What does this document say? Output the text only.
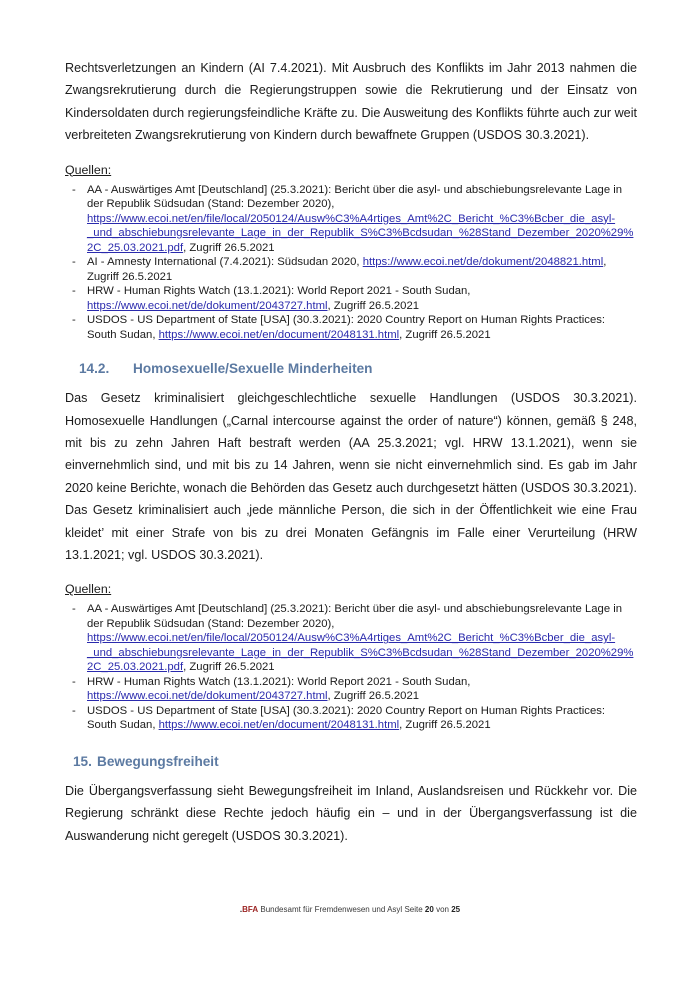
Rechtsverletzungen an Kindern (AI 7.4.2021). Mit Ausbruch des Konflikts im Jahr 2013 nahmen die Zwangsrekrutierung durch die Regierungstruppen sowie die Rekrutierung und der Einsatz von Kindersoldaten durch regierungsfeindliche Kräfte zu. Die Ausweitung des Konflikts führte auch zur weit verbreiteten Zwangsrekrutierung von Kindern durch bewaffnete Gruppen (USDOS 30.3.2021).

Quellen:
- AA - Auswärtiges Amt [Deutschland] (25.3.2021): Bericht über die asyl- und abschiebungsrelevante Lage in der Republik Südsudan (Stand: Dezember 2020), https://www.ecoi.net/en/file/local/2050124/Ausw%C3%A4rtiges_Amt%2C_Bericht_%C3%Bcber_die_asyl-_und_abschiebungsrelevante_Lage_in_der_Republik_S%C3%Bcdsudan_%28Stand_Dezember_2020%29%2C_25.03.2021.pdf, Zugriff 26.5.2021
- AI - Amnesty International (7.4.2021): Südsudan 2020, https://www.ecoi.net/de/dokument/2048821.html, Zugriff 26.5.2021
- HRW - Human Rights Watch (13.1.2021): World Report 2021 - South Sudan, https://www.ecoi.net/de/dokument/2043727.html, Zugriff 26.5.2021
- USDOS - US Department of State [USA] (30.3.2021): 2020 Country Report on Human Rights Practices: South Sudan, https://www.ecoi.net/en/document/2048131.html, Zugriff 26.5.2021
14.2.	Homosexuelle/Sexuelle Minderheiten

Das Gesetz kriminalisiert gleichgeschlechtliche sexuelle Handlungen (USDOS 30.3.2021). Homosexuelle Handlungen („Carnal intercourse against the order of nature“) können, gemäß § 248, mit bis zu zehn Jahren Haft bestraft werden (AA 25.3.2021; vgl. HRW 13.1.2021), wenn sie einvernehmlich sind, und mit bis zu 14 Jahren, wenn sie nicht einvernehmlich sind. Es gab im Jahr 2020 keine Berichte, wonach die Behörden das Gesetz auch durchgesetzt hätten (USDOS 30.3.2021). Das Gesetz kriminalisiert auch ‚jede männliche Person, die sich in der Öffentlichkeit wie eine Frau kleidet’ mit einer Strafe von bis zu drei Monaten Gefängnis im Falle einer Verurteilung (HRW 13.1.2021; vgl. USDOS 30.3.2021).

Quellen:
- AA - Auswärtiges Amt [Deutschland] (25.3.2021): Bericht über die asyl- und abschiebungsrelevante Lage in der Republik Südsudan (Stand: Dezember 2020), https://www.ecoi.net/en/file/local/2050124/Ausw%C3%A4rtiges_Amt%2C_Bericht_%C3%Bcber_die_asyl-_und_abschiebungsrelevante_Lage_in_der_Republik_S%C3%Bcdsudan_%28Stand_Dezember_2020%29%2C_25.03.2021.pdf, Zugriff 26.5.2021
- HRW - Human Rights Watch (13.1.2021): World Report 2021 - South Sudan, https://www.ecoi.net/de/dokument/2043727.html, Zugriff 26.5.2021
- USDOS - US Department of State [USA] (30.3.2021): 2020 Country Report on Human Rights Practices: South Sudan, https://www.ecoi.net/en/document/2048131.html, Zugriff 26.5.2021
15. Bewegungsfreiheit

Die Übergangsverfassung sieht Bewegungsfreiheit im Inland, Auslandsreisen und Rückkehr vor. Die Regierung schränkt diese Rechte jedoch häufig ein – und in der Übergangsverfassung ist die Auswanderung nicht geregelt (USDOS 30.3.2021).

.BFA Bundesamt für Fremdenwesen und Asyl Seite 20 von 25
